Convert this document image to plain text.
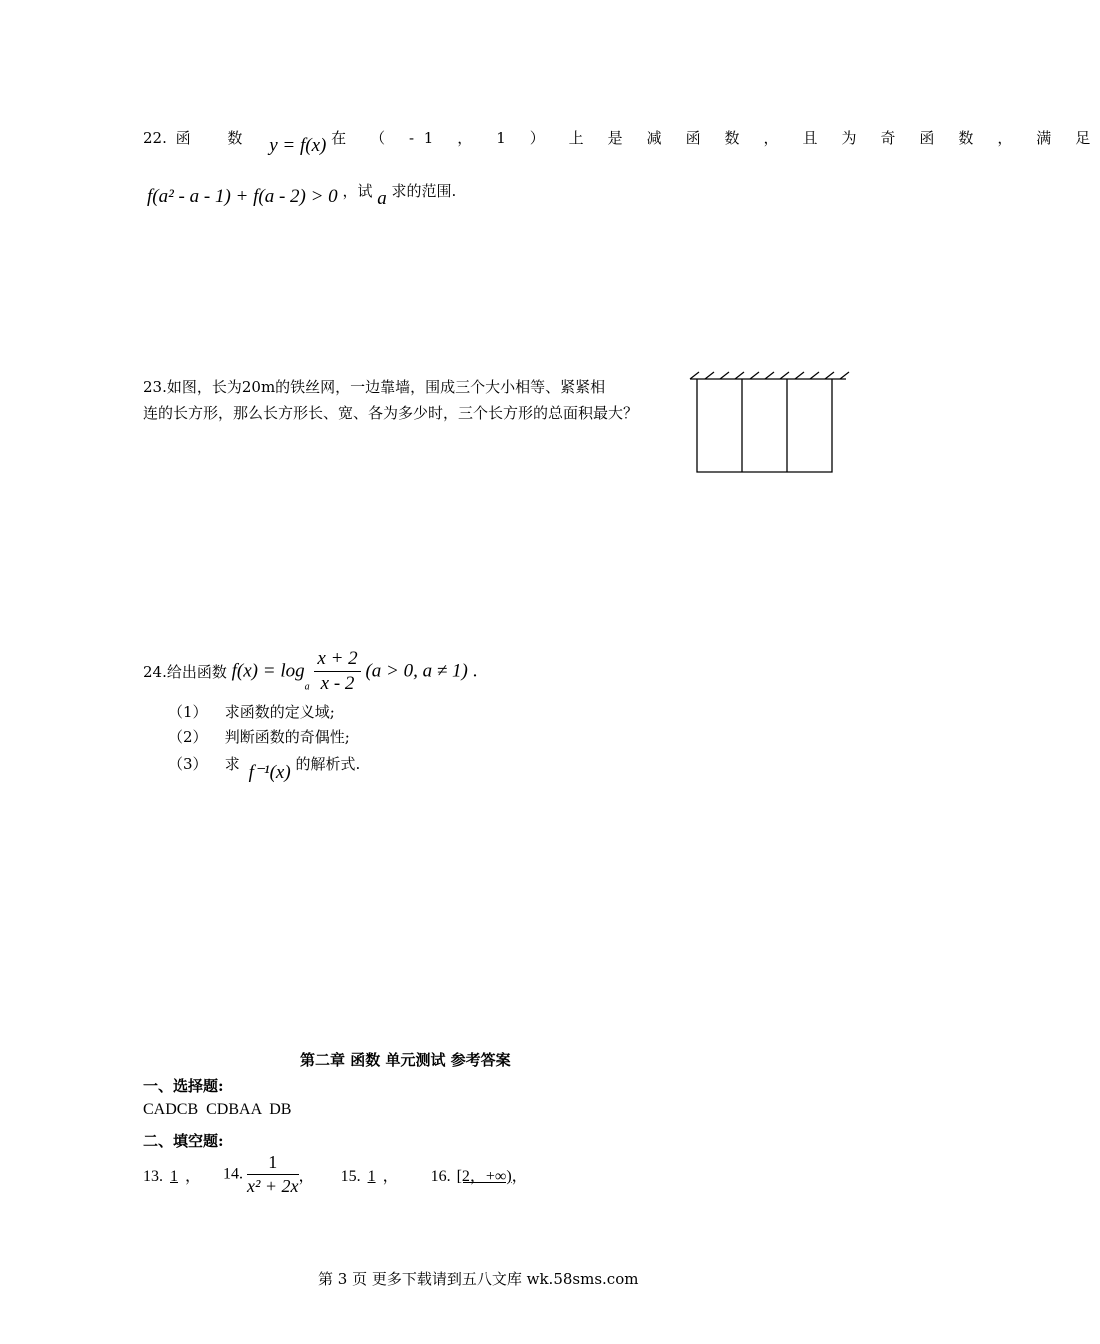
22. 函 数 y = f(x) 在 （ -1 ， 1 ） 上 是 减 函 数 ， 且 为 奇 函 数 ， 满 足
f(a² - a - 1) + f(a - 2) > 0 ，试 a 求的范围.
23.如图，长为20m的铁丝网，一边靠墙，围成三个大小相等、紧紧相
连的长方形，那么长方形长、宽、各为多少时，三个长方形的总面积最大？
24.给出函数 $f(x) = \log_a \frac{x + 2}{x - 2} (a > 0$, a ≠ 1) .
（1） 求函数的定义域;
（2） 判断函数的奇偶性;
（3） 求 f⁻¹(x) 的解析式.
第二章 函数 单元测试 参考答案
一、选择题:
CADCB  CDBAA  DB
二、填空题:
13. 1 ， 14. $\frac{1}{\text{x² + 2x}}$ ， 15. 1 ， 16. [2，+∞)，
第 3 页 更多下载请到五八文库 wk.58sms.com
